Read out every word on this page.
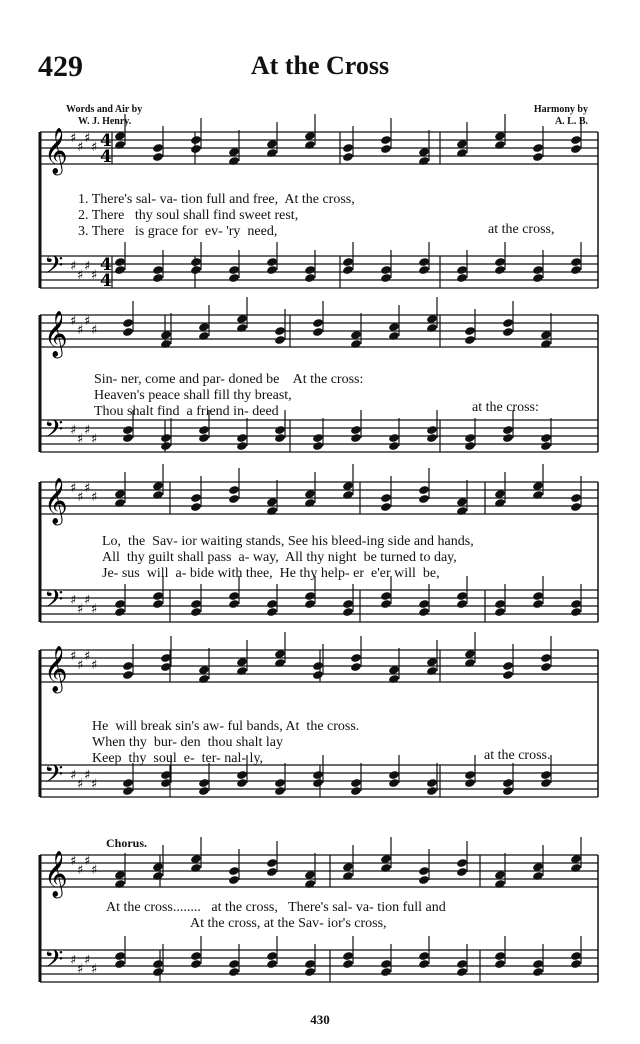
429	At the Cross
Words and Air by
W. J. Henry.
Harmony by
A. L. B.
𝄞 ♯
♯
♯
♯
𝄢 ♯
♯
♯
♯
4
4
4
4
𝄞 ♯
♯
♯
♯
𝄢 ♯
♯
♯
♯
𝄞 ♯
♯
♯
♯
𝄢 ♯
♯
♯
♯
𝄞 ♯
♯
♯
♯
𝄢 ♯
♯
♯
♯
𝄞 ♯
♯
♯
♯
𝄢 ♯
♯
♯
♯
1. There's sal- va- tion full and free,  At the cross,
2. There   thy soul shall find sweet rest,
3. There   is grace for  ev- 'ry  need,	at the cross,
Sin- ner, come and par- doned be    At the cross:
Heaven's peace shall fill thy breast,
Thou shalt find  a friend in- deed	at the cross:
Lo,  the  Sav- ior waiting stands, See his bleed-ing side and hands,
All  thy guilt shall pass  a- way,  All thy night  be turned to day,
Je- sus  will  a- bide with thee,  He thy help- er  e'er will  be,
He  will break sin's aw- ful bands, At  the cross.
When thy  bur- den  thou shalt lay
Keep  thy  soul  e-  ter- nal- ly,	at the cross.
Chorus.
At the cross........   at the cross,   There's sal- va- tion full and
At the cross, at the Sav- ior's cross,
430
